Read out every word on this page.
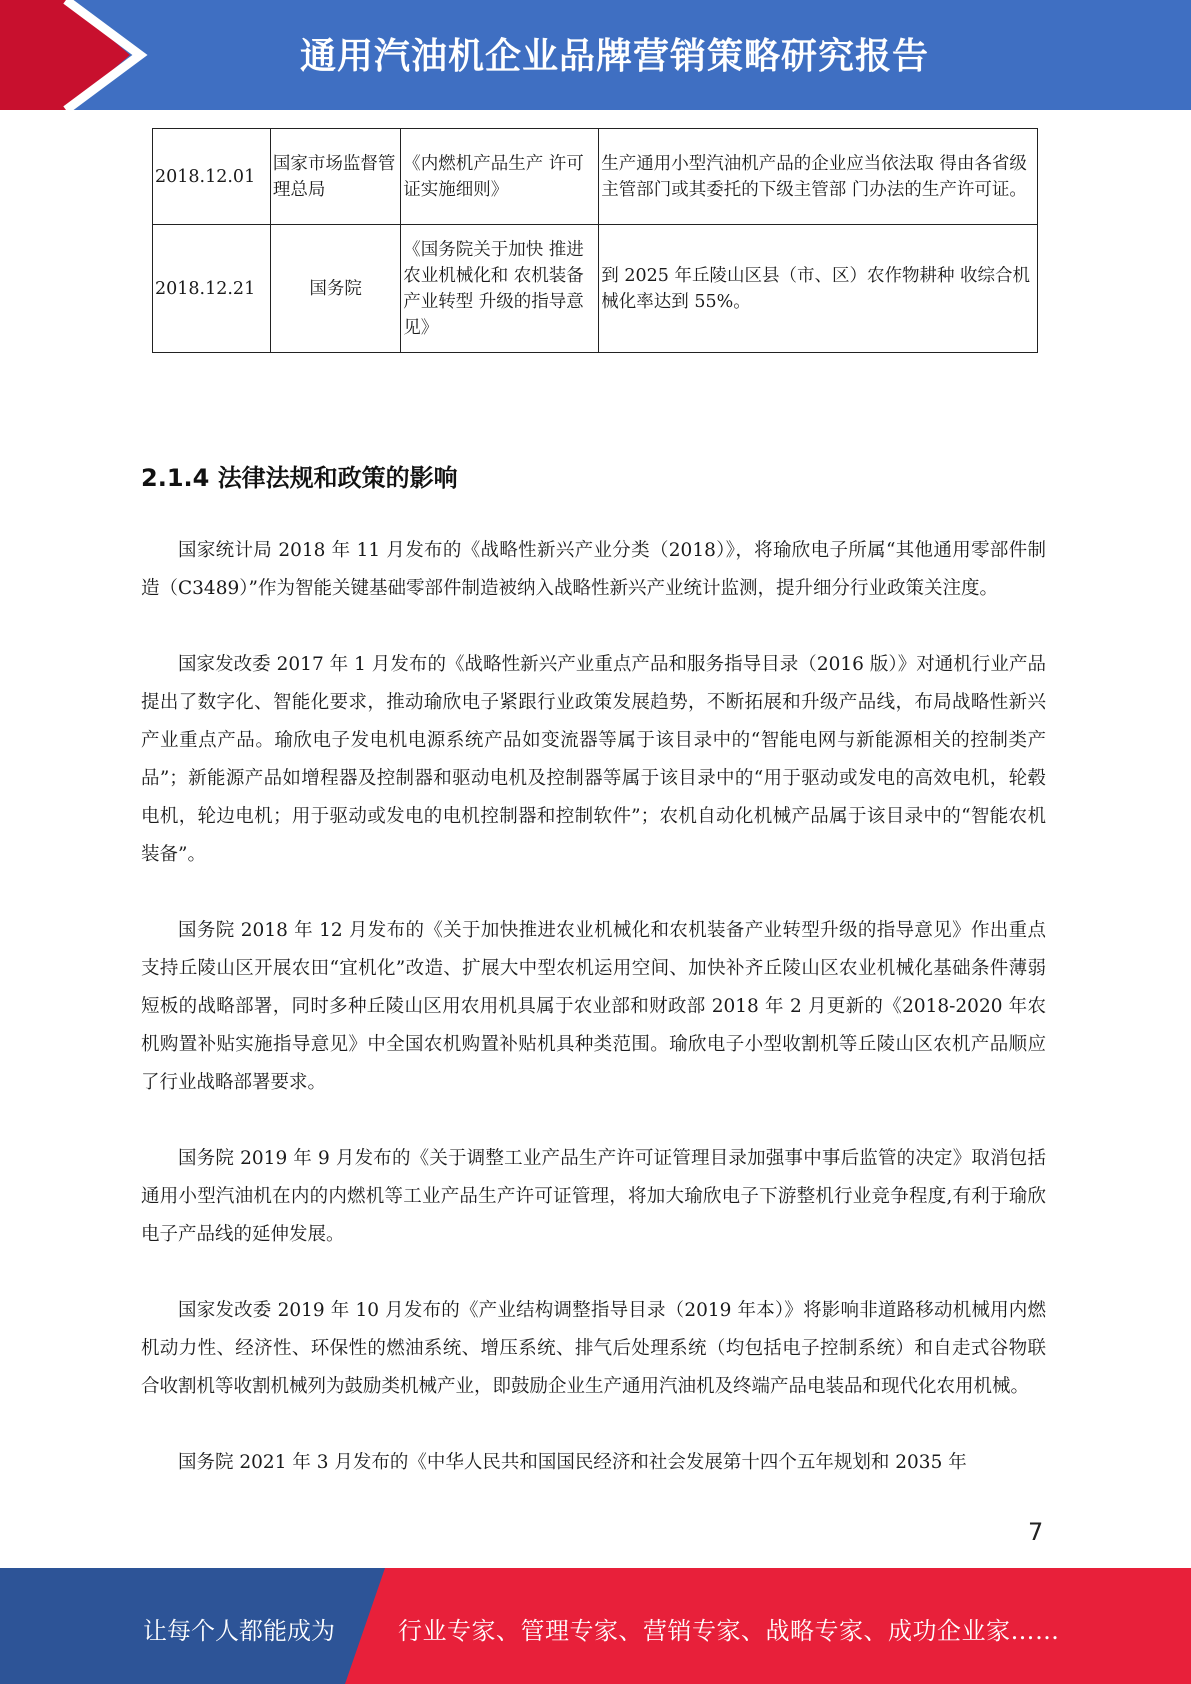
通用汽油机企业品牌营销策略研究报告
2018.12.01	国家市场监督管理总局	《内燃机产品生产 许可证实施细则》	生产通用小型汽油机产品的企业应当依法取 得由各省级主管部门或其委托的下级主管部 门办法的生产许可证。
2018.12.21	国务院	《国务院关于加快 推进农业机械化和 农机装备产业转型 升级的指导意见》	到 2025 年丘陵山区县（市、区）农作物耕种 收综合机械化率达到 55%。
2.1.4 法律法规和政策的影响

国家统计局 2018 年 11 月发布的《战略性新兴产业分类（2018）》，将瑜欣电子所属“其他通用零部件制造（C3489）”作为智能关键基础零部件制造被纳入战略性新兴产业统计监测，提升细分行业政策关注度。

国家发改委 2017 年 1 月发布的《战略性新兴产业重点产品和服务指导目录（2016 版）》对通机行业产品提出了数字化、智能化要求，推动瑜欣电子紧跟行业政策发展趋势，不断拓展和升级产品线，布局战略性新兴产业重点产品。瑜欣电子发电机电源系统产品如变流器等属于该目录中的“智能电网与新能源相关的控制类产品”；新能源产品如增程器及控制器和驱动电机及控制器等属于该目录中的“用于驱动或发电的高效电机，轮毂电机，轮边电机；用于驱动或发电的电机控制器和控制软件”；农机自动化机械产品属于该目录中的“智能农机装备”。

国务院 2018 年 12 月发布的《关于加快推进农业机械化和农机装备产业转型升级的指导意见》作出重点支持丘陵山区开展农田“宜机化”改造、扩展大中型农机运用空间、加快补齐丘陵山区农业机械化基础条件薄弱短板的战略部署，同时多种丘陵山区用农用机具属于农业部和财政部 2018 年 2 月更新的《2018-2020 年农机购置补贴实施指导意见》中全国农机购置补贴机具种类范围。瑜欣电子小型收割机等丘陵山区农机产品顺应了行业战略部署要求。

国务院 2019 年 9 月发布的《关于调整工业产品生产许可证管理目录加强事中事后监管的决定》取消包括通用小型汽油机在内的内燃机等工业产品生产许可证管理，将加大瑜欣电子下游整机行业竞争程度,有利于瑜欣电子产品线的延伸发展。

国家发改委 2019 年 10 月发布的《产业结构调整指导目录（2019 年本）》将影响非道路移动机械用内燃机动力性、经济性、环保性的燃油系统、增压系统、排气后处理系统（均包括电子控制系统）和自走式谷物联合收割机等收割机械列为鼓励类机械产业，即鼓励企业生产通用汽油机及终端产品电装品和现代化农用机械。

国务院 2021 年 3 月发布的《中华人民共和国国民经济和社会发展第十四个五年规划和 2035 年

7
让每个人都能成为	行业专家、管理专家、营销专家、战略专家、成功企业家……
